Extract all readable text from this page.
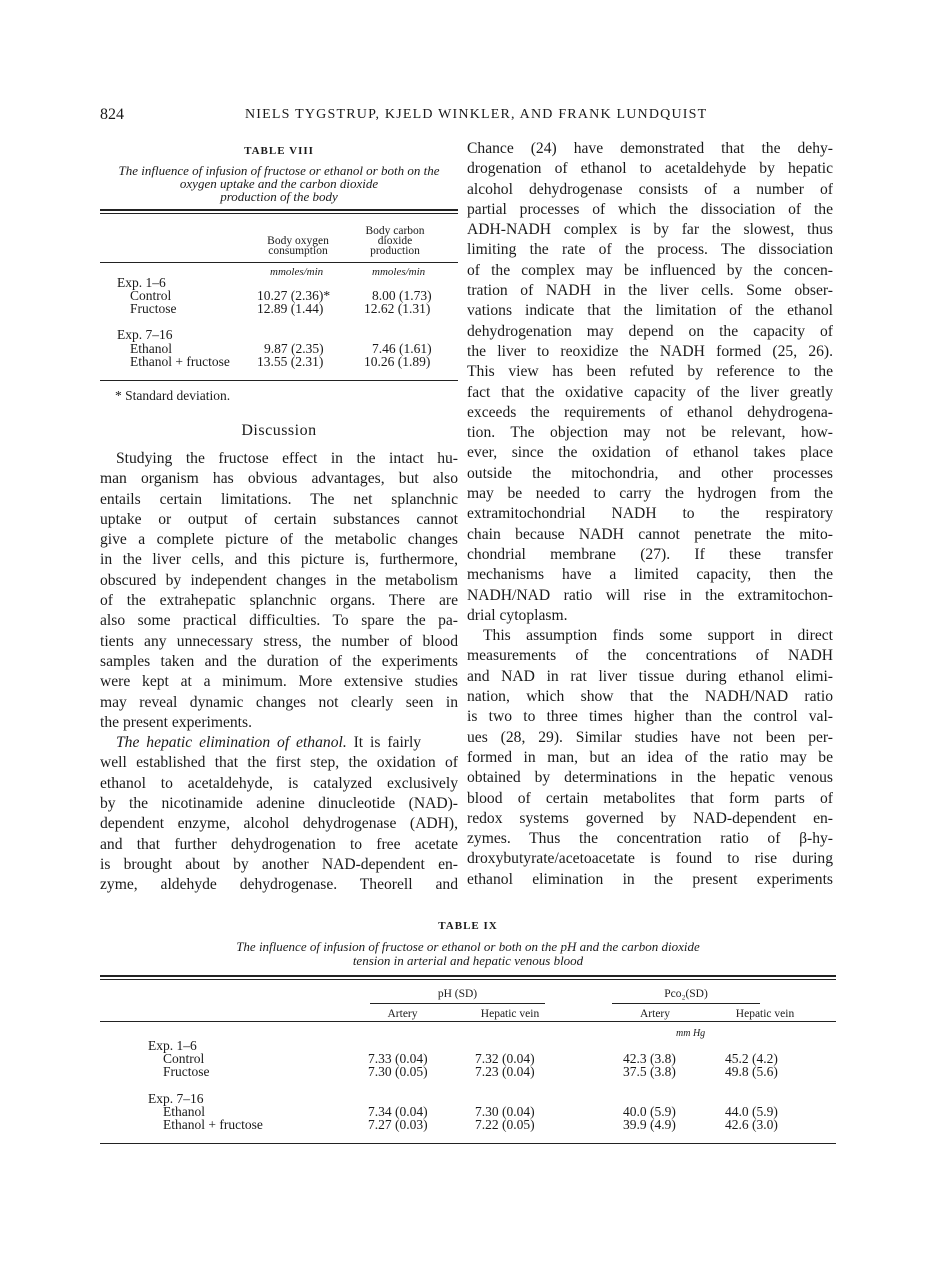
824	NIELS TYGSTRUP, KJELD WINKLER, AND FRANK LUNDQUIST
TABLE VIII
The influence of infusion of fructose or ethanol or both on the
oxygen uptake and the carbon dioxide
production of the body
Body oxygen
consumption
Body carbon
dioxide
production
mmoles/min	mmoles/min
Exp. 1–6
Control	10.27 (2.36)*	8.00 (1.73)
Fructose	12.89 (1.44)	12.62 (1.31)
Exp. 7–16
Ethanol	9.87 (2.35)	7.46 (1.61)
Ethanol + fructose 13.55 (2.31)	10.26 (1.89)
* Standard deviation.
Discussion
Studying the fructose effect in the intact hu-
man organism has obvious advantages, but also
entails certain limitations. The net splanchnic
uptake or output of certain substances cannot
give a complete picture of the metabolic changes
in the liver cells, and this picture is, furthermore,
obscured by independent changes in the metabolism
of the extrahepatic splanchnic organs. There are
also some practical difficulties. To spare the pa-
tients any unnecessary stress, the number of blood
samples taken and the duration of the experiments
were kept at a minimum. More extensive studies
may reveal dynamic changes not clearly seen in
the present experiments.
The hepatic elimination of ethanol. It is fairly
well established that the first step, the oxidation of
ethanol to acetaldehyde, is catalyzed exclusively
by the nicotinamide adenine dinucleotide (NAD)-
dependent enzyme, alcohol dehydrogenase (ADH),
and that further dehydrogenation to free acetate
is brought about by another NAD-dependent en-
zyme, aldehyde dehydrogenase. Theorell and
Chance (24) have demonstrated that the dehy-
drogenation of ethanol to acetaldehyde by hepatic
alcohol dehydrogenase consists of a number of
partial processes of which the dissociation of the
ADH-NADH complex is by far the slowest, thus
limiting the rate of the process. The dissociation
of the complex may be influenced by the concen-
tration of NADH in the liver cells. Some obser-
vations indicate that the limitation of the ethanol
dehydrogenation may depend on the capacity of
the liver to reoxidize the NADH formed (25, 26).
This view has been refuted by reference to the
fact that the oxidative capacity of the liver greatly
exceeds the requirements of ethanol dehydrogena-
tion. The objection may not be relevant, how-
ever, since the oxidation of ethanol takes place
outside the mitochondria, and other processes
may be needed to carry the hydrogen from the
extramitochondrial NADH to the respiratory
chain because NADH cannot penetrate the mito-
chondrial membrane (27). If these transfer
mechanisms have a limited capacity, then the
NADH/NAD ratio will rise in the extramitochon-
drial cytoplasm.
This assumption finds some support in direct
measurements of the concentrations of NADH
and NAD in rat liver tissue during ethanol elimi-
nation, which show that the NADH/NAD ratio
is two to three times higher than the control val-
ues (28, 29). Similar studies have not been per-
formed in man, but an idea of the ratio may be
obtained by determinations in the hepatic venous
blood of certain metabolites that form parts of
redox systems governed by NAD-dependent en-
zymes. Thus the concentration ratio of β-hy-
droxybutyrate/acetoacetate is found to rise during
ethanol elimination in the present experiments
TABLE IX
The influence of infusion of fructose or ethanol or both on the pH and the carbon dioxide
tension in arterial and hepatic venous blood
pH (SD)	Pco₂(SD)
Artery	Hepatic vein	Artery	Hepatic vein
mm Hg
Exp. 1–6
Control	7.33 (0.04)	7.32 (0.04)	42.3 (3.8)	45.2 (4.2)
Fructose	7.30 (0.05)	7.23 (0.04)	37.5 (3.8)	49.8 (5.6)
Exp. 7–16
Ethanol	7.34 (0.04)	7.30 (0.04)	40.0 (5.9)	44.0 (5.9)
Ethanol + fructose	7.27 (0.03)	7.22 (0.05)	39.9 (4.9)	42.6 (3.0)
